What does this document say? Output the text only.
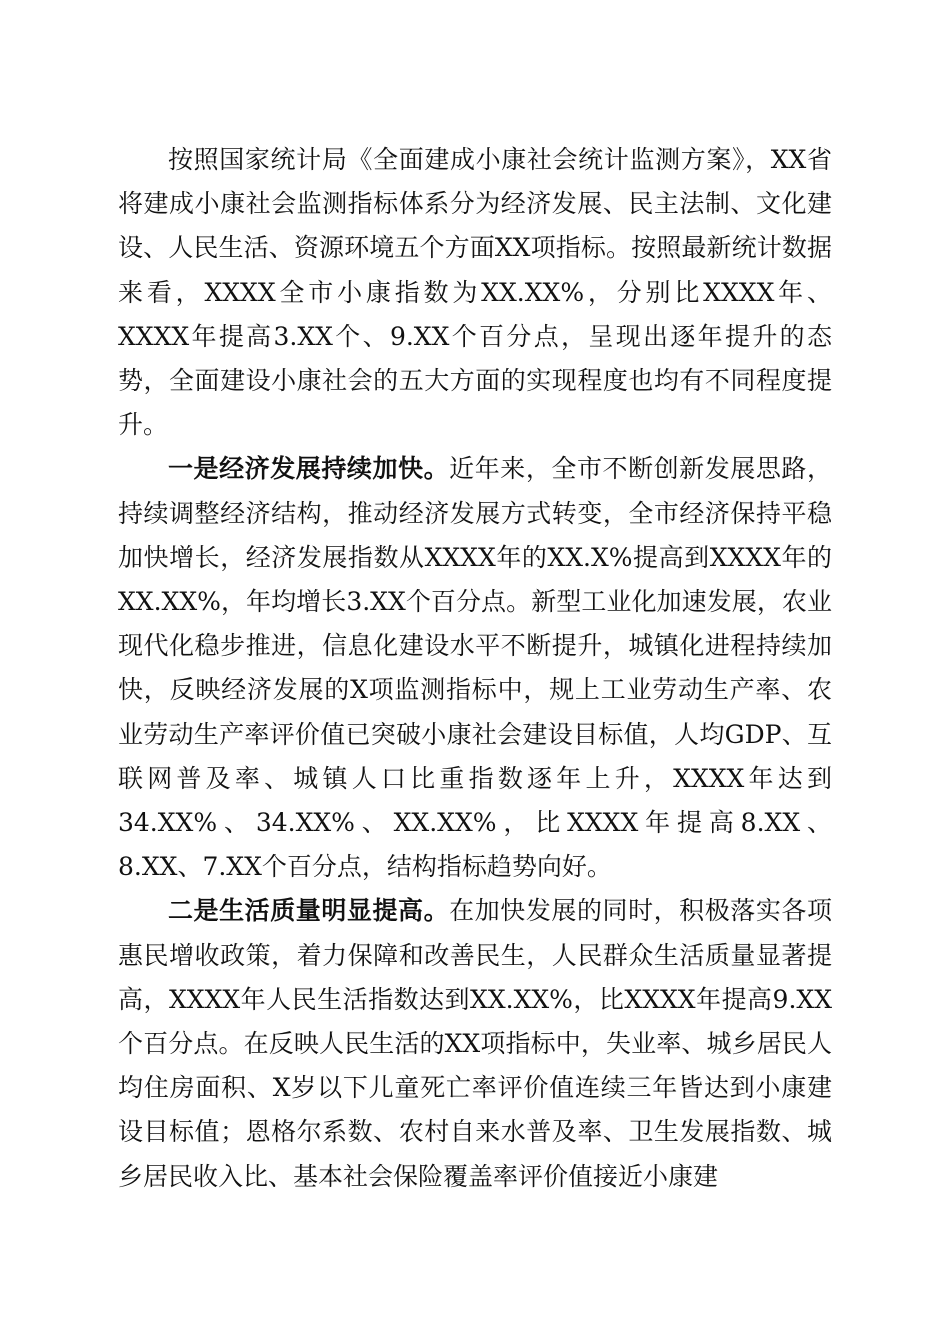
按照国家统计局《全面建成小康社会统计监测方案》，XX省将建成小康社会监测指标体系分为经济发展、民主法制、文化建设、人民生活、资源环境五个方面XX项指标。按照最新统计数据来看，XXXX全市小康指数为XX.XX%，分别比XXXX年、XXXX年提高3.XX个、9.XX个百分点，呈现出逐年提升的态势，全面建设小康社会的五大方面的实现程度也均有不同程度提升。

一是经济发展持续加快。近年来，全市不断创新发展思路，持续调整经济结构，推动经济发展方式转变，全市经济保持平稳加快增长，经济发展指数从XXXX年的XX.X%提高到XXXX年的XX.XX%，年均增长3.XX个百分点。新型工业化加速发展，农业现代化稳步推进，信息化建设水平不断提升，城镇化进程持续加快，反映经济发展的X项监测指标中，规上工业劳动生产率、农业劳动生产率评价值已突破小康社会建设目标值，人均GDP、互联网普及率、城镇人口比重指数逐年上升，XXXX年达到34.XX%、34.XX%、XX.XX%，比XXXX年提高8.XX、8.XX、7.XX个百分点，结构指标趋势向好。

二是生活质量明显提高。在加快发展的同时，积极落实各项惠民增收政策，着力保障和改善民生，人民群众生活质量显著提高，XXXX年人民生活指数达到XX.XX%，比XXXX年提高9.XX个百分点。在反映人民生活的XX项指标中，失业率、城乡居民人均住房面积、X岁以下儿童死亡率评价值连续三年皆达到小康建设目标值；恩格尔系数、农村自来水普及率、卫生发展指数、城乡居民收入比、基本社会保险覆盖率评价值接近小康建
